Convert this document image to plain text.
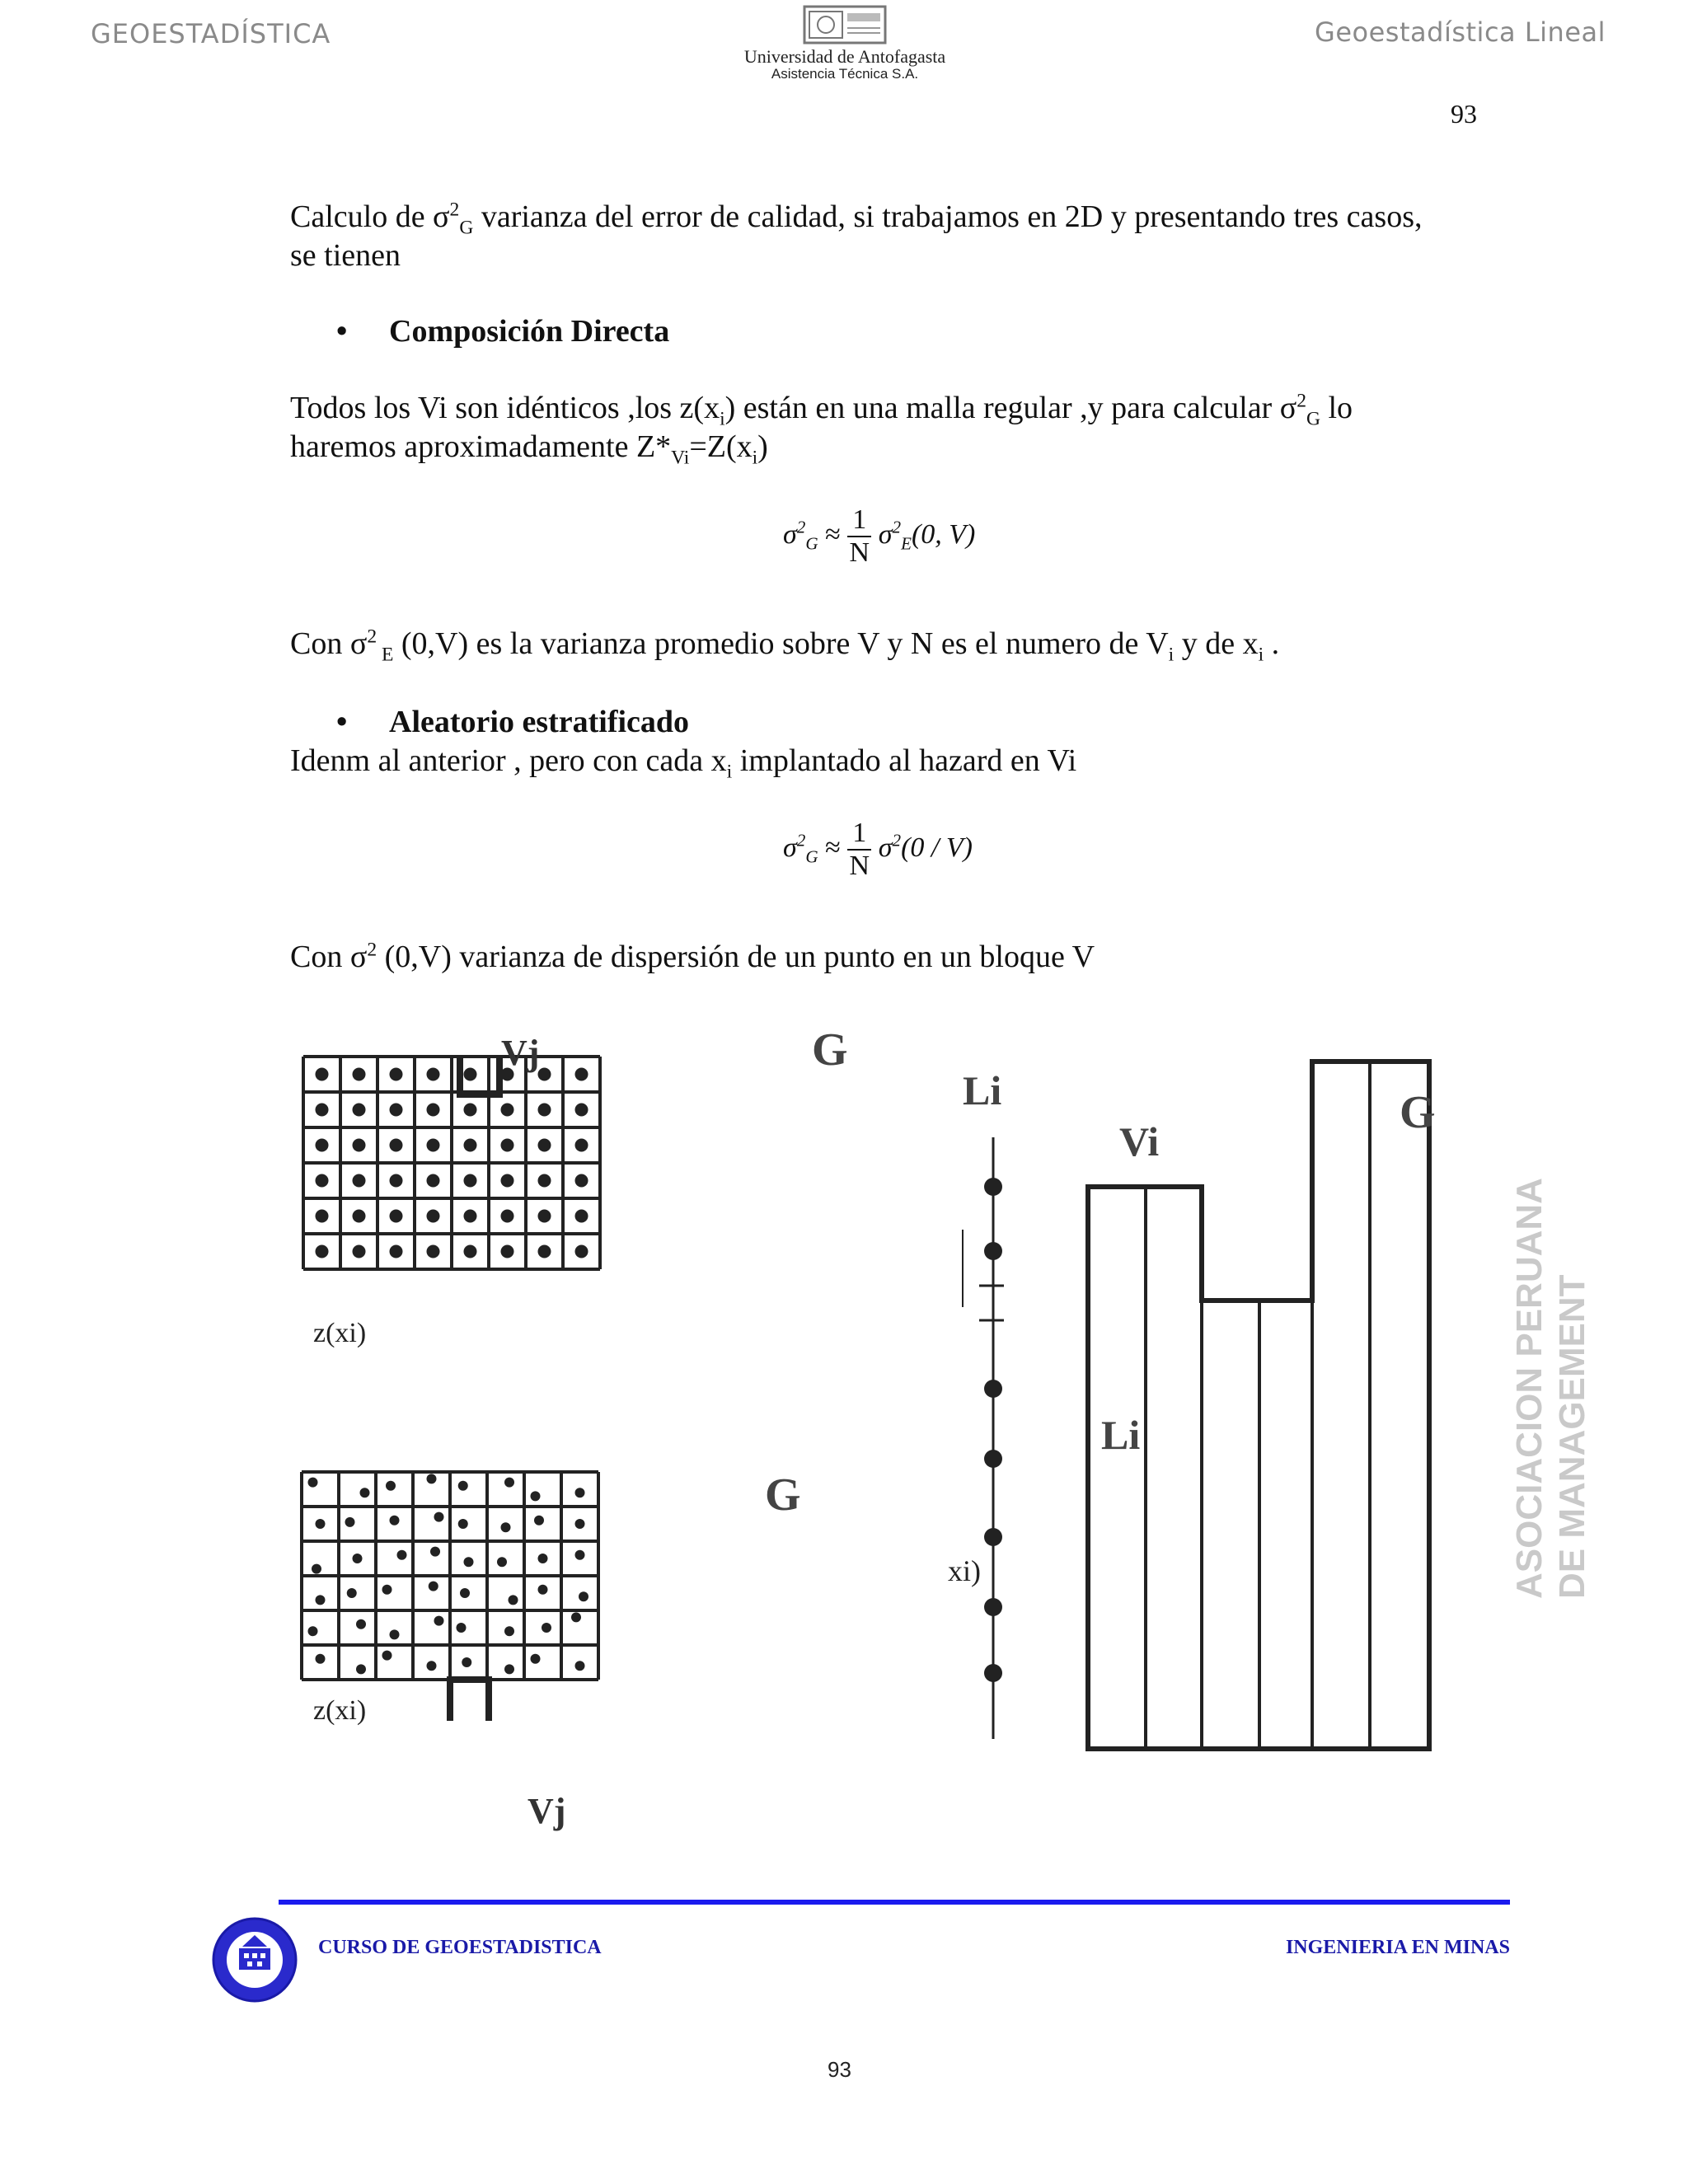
GEOESTADÍSTICA	Geoestadística Lineal
Universidad de Antofagasta
Asistencia Técnica S.A.
93
Calculo de $\sigma^2_G$ varianza del error de calidad, si trabajamos en 2D y presentando tres casos,
se tienen
• Composición Directa
Todos los Vi son idénticos ,los $z(x_i)$ están en una malla regular ,y para calcular $\sigma^2_G$ lo
haremos aproximadamente $Z*_{Vi}=Z(x_i)$
$\sigma^2_G \approx \frac{1}{N} \sigma^2_E(0$, V)
Con $\sigma^2$ $_E$ (0,V) es la varianza promedio sobre V y N es el numero de $V_i$ y de $x_i$ .
• Aleatorio estratificado
Idenm al anterior , pero con cada $x_i$ implantado al hazard en Vi
$\sigma^2_G \approx \frac{1}{N} \sigma^2(0 / V)$
Con $\sigma^2$ (0,V) varianza de dispersión de un punto en un bloque V
Vj	G
z(xi)
G
z(xi)
Vj
Li
xi)
Vi
G
Li	ASOCIACION PERUANA DE MANAGEMENT
CURSO DE GEOESTADISTICA	INGENIERIA EN MINAS
93
